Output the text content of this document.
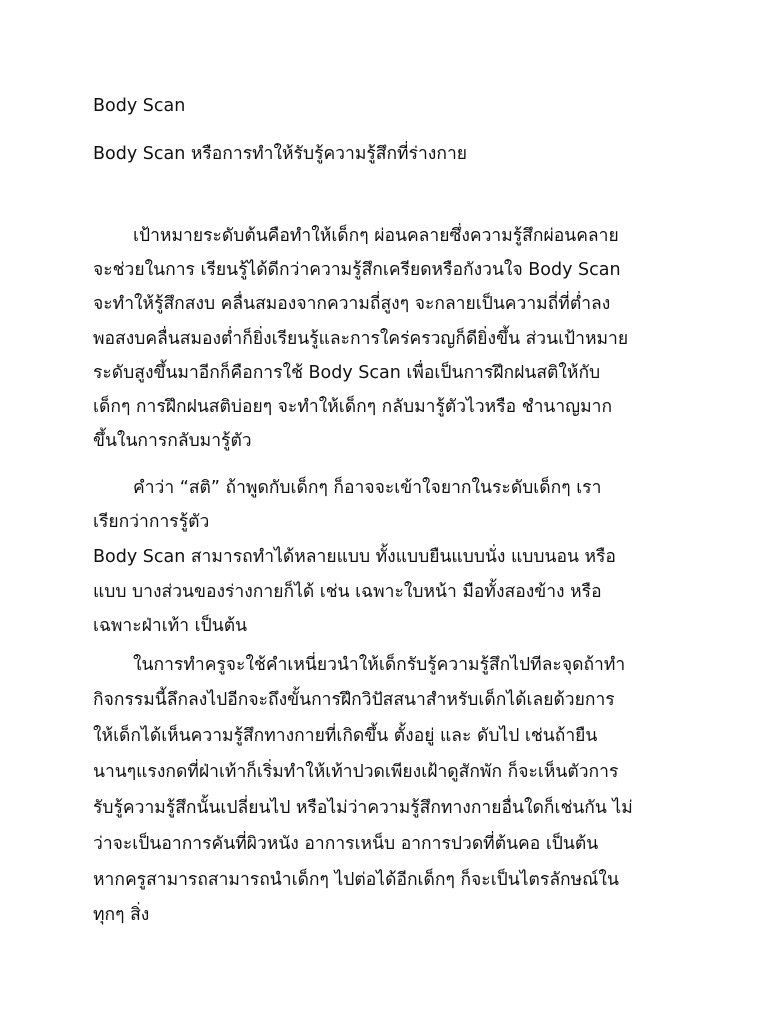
Body Scan

Body Scan หรือการทำให้รับรู้ความรู้สึกที่ร่างกาย

เป้าหมายระดับต้นคือทำให้เด็กๆ ผ่อนคลายซึ่งความรู้สึกผ่อนคลาย

จะช่วยในการ เรียนรู้ได้ดีกว่าความรู้สึกเครียดหรือกังวนใจ Body Scan

จะทำให้รู้สึกสงบ คลื่นสมองจากความถี่สูงๆ จะกลายเป็นความถี่ที่ต่ำลง

พอสงบคลื่นสมองต่ำก็ยิ่งเรียนรู้และการใคร่ครวญก็ดียิ่งขึ้น ส่วนเป้าหมาย

ระดับสูงขึ้นมาอีกก็คือการใช้ Body Scan เพื่อเป็นการฝึกฝนสติให้กับ

เด็กๆ การฝึกฝนสติบ่อยๆ จะทำให้เด็กๆ กลับมารู้ตัวไวหรือ ชำนาญมาก

ขึ้นในการกลับมารู้ตัว

คำว่า “สติ” ถ้าพูดกับเด็กๆ ก็อาจจะเข้าใจยากในระดับเด็กๆ เรา

เรียกว่าการรู้ตัว

Body Scan สามารถทำได้หลายแบบ ทั้งแบบยืนแบบนั่ง แบบนอน หรือ

แบบ บางส่วนของร่างกายก็ได้ เช่น เฉพาะใบหน้า มือทั้งสองข้าง หรือ

เฉพาะฝ่าเท้า เป็นต้น

ในการทำครูจะใช้คำเหนี่ยวนำให้เด็กรับรู้ความรู้สึกไปทีละจุดถ้าทำ

กิจกรรมนี้ลึกลงไปอีกจะถึงขั้นการฝึกวิปัสสนาสำหรับเด็กได้เลยด้วยการ

ให้เด็กได้เห็นความรู้สึกทางกายที่เกิดขึ้น ตั้งอยู่ และ ดับไป เช่นถ้ายืน

นานๆแรงกดที่ฝ่าเท้าก็เริ่มทำให้เท้าปวดเพียงเฝ้าดูสักพัก ก็จะเห็นตัวการ

รับรู้ความรู้สึกนั้นเปลี่ยนไป หรือไม่ว่าความรู้สึกทางกายอื่นใดก็เช่นกัน ไม่

ว่าจะเป็นอาการคันที่ผิวหนัง อาการเหน็บ อาการปวดที่ต้นคอ เป็นต้น

หากครูสามารถสามารถนำเด็กๆ ไปต่อได้อีกเด็กๆ ก็จะเป็นไตรลักษณ์ใน

ทุกๆ สิ่ง
